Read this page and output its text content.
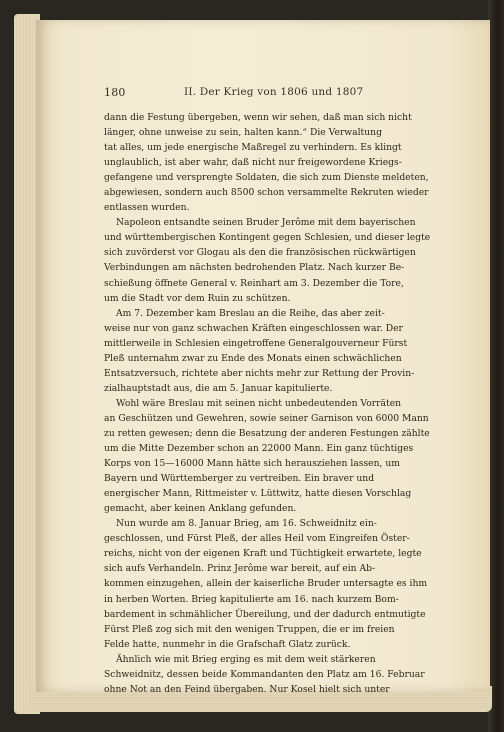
180	II. Der Krieg von 1806 und 1807
dann die Festung übergeben, wenn wir sehen, daß man sich nicht
länger, ohne unweise zu sein, halten kann.“ Die Verwaltung
tat alles, um jede energische Maßregel zu verhindern. Es klingt
unglaublich, ist aber wahr, daß nicht nur freigewordene Kriegs-
gefangene und versprengte Soldaten, die sich zum Dienste meldeten,
abgewiesen, sondern auch 8500 schon versammelte Rekruten wieder
entlassen wurden.
Napoleon entsandte seinen Bruder Jerôme mit dem bayerischen
und württembergischen Kontingent gegen Schlesien, und dieser legte
sich zuvörderst vor Glogau als den die französischen rückwärtigen
Verbindungen am nächsten bedrohenden Platz. Nach kurzer Be-
schießung öffnete General v. Reinhart am 3. Dezember die Tore,
um die Stadt vor dem Ruin zu schützen.
Am 7. Dezember kam Breslau an die Reihe, das aber zeit-
weise nur von ganz schwachen Kräften eingeschlossen war. Der
mittlerweile in Schlesien eingetroffene Generalgouverneur Fürst
Pleß unternahm zwar zu Ende des Monats einen schwächlichen
Entsatzversuch, richtete aber nichts mehr zur Rettung der Provin-
zialhauptstadt aus, die am 5. Januar kapitulierte.
Wohl wäre Breslau mit seinen nicht unbedeutenden Vorräten
an Geschützen und Gewehren, sowie seiner Garnison von 6000 Mann
zu retten gewesen; denn die Besatzung der anderen Festungen zählte
um die Mitte Dezember schon an 22000 Mann. Ein ganz tüchtiges
Korps von 15—16000 Mann hätte sich herausziehen lassen, um
Bayern und Württemberger zu vertreiben. Ein braver und
energischer Mann, Rittmeister v. Lüttwitz, hatte diesen Vorschlag
gemacht, aber keinen Anklang gefunden.
Nun wurde am 8. Januar Brieg, am 16. Schweidnitz ein-
geschlossen, und Fürst Pleß, der alles Heil vom Eingreifen Öster-
reichs, nicht von der eigenen Kraft und Tüchtigkeit erwartete, legte
sich aufs Verhandeln. Prinz Jerôme war bereit, auf ein Ab-
kommen einzugehen, allein der kaiserliche Bruder untersagte es ihm
in herben Worten. Brieg kapitulierte am 16. nach kurzem Bom-
bardement in schmählicher Übereilung, und der dadurch entmutigte
Fürst Pleß zog sich mit den wenigen Truppen, die er im freien
Felde hatte, nunmehr in die Grafschaft Glatz zurück.
Ähnlich wie mit Brieg erging es mit dem weit stärkeren
Schweidnitz, dessen beide Kommandanten den Platz am 16. Februar
ohne Not an den Feind übergaben. Nur Kosel hielt sich unter
